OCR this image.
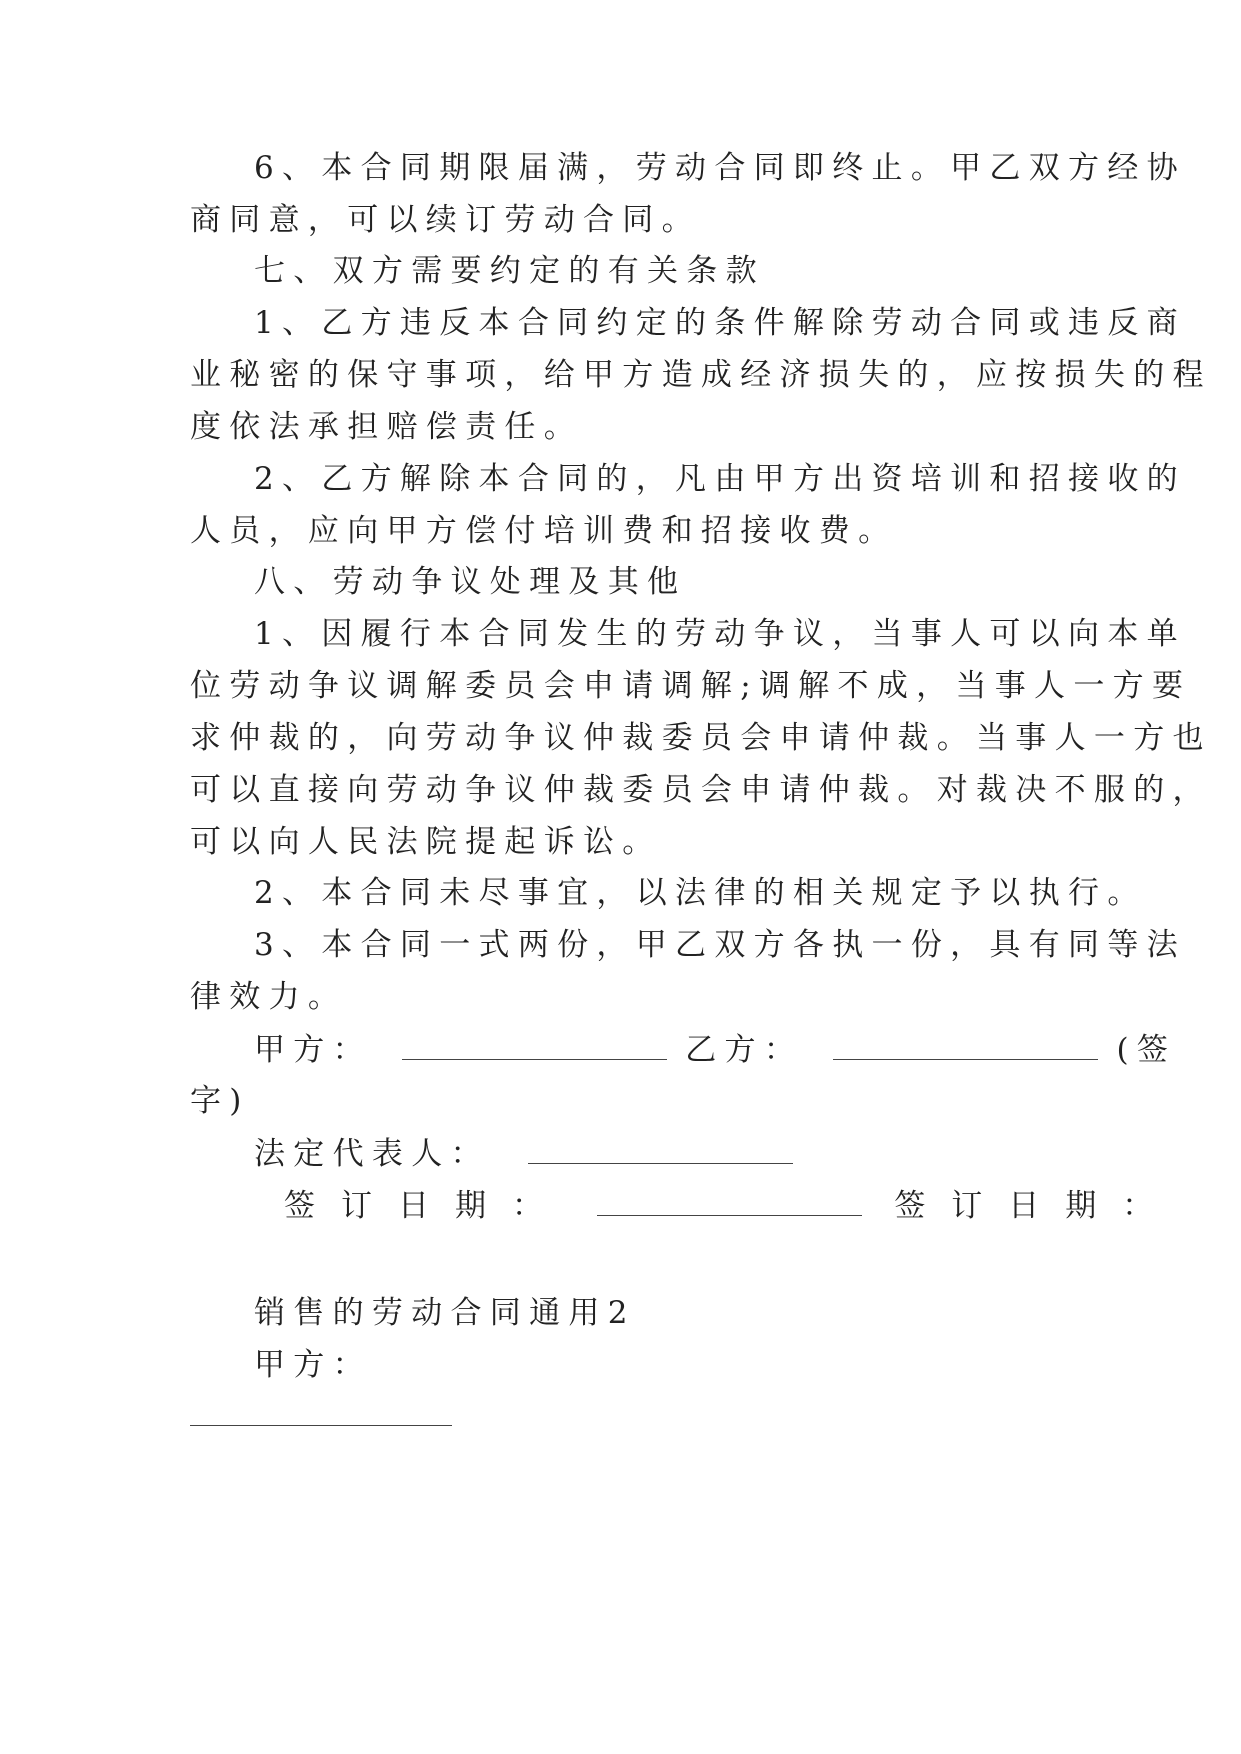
6、本合同期限届满，劳动合同即终止。甲乙双方经协
商同意，可以续订劳动合同。
七、双方需要约定的有关条款
1、乙方违反本合同约定的条件解除劳动合同或违反商
业秘密的保守事项，给甲方造成经济损失的，应按损失的程
度依法承担赔偿责任。
2、乙方解除本合同的，凡由甲方出资培训和招接收的
人员，应向甲方偿付培训费和招接收费。
八、劳动争议处理及其他
1、因履行本合同发生的劳动争议，当事人可以向本单
位劳动争议调解委员会申请调解;调解不成，当事人一方要
求仲裁的，向劳动争议仲裁委员会申请仲裁。当事人一方也
可以直接向劳动争议仲裁委员会申请仲裁。对裁决不服的，
可以向人民法院提起诉讼。
2、本合同未尽事宜，以法律的相关规定予以执行。
3、本合同一式两份，甲乙双方各执一份，具有同等法
律效力。
甲方：	乙方：	(签
字)
法定代表人：
签订日期：	签订日期：
销售的劳动合同通用2
甲方：
